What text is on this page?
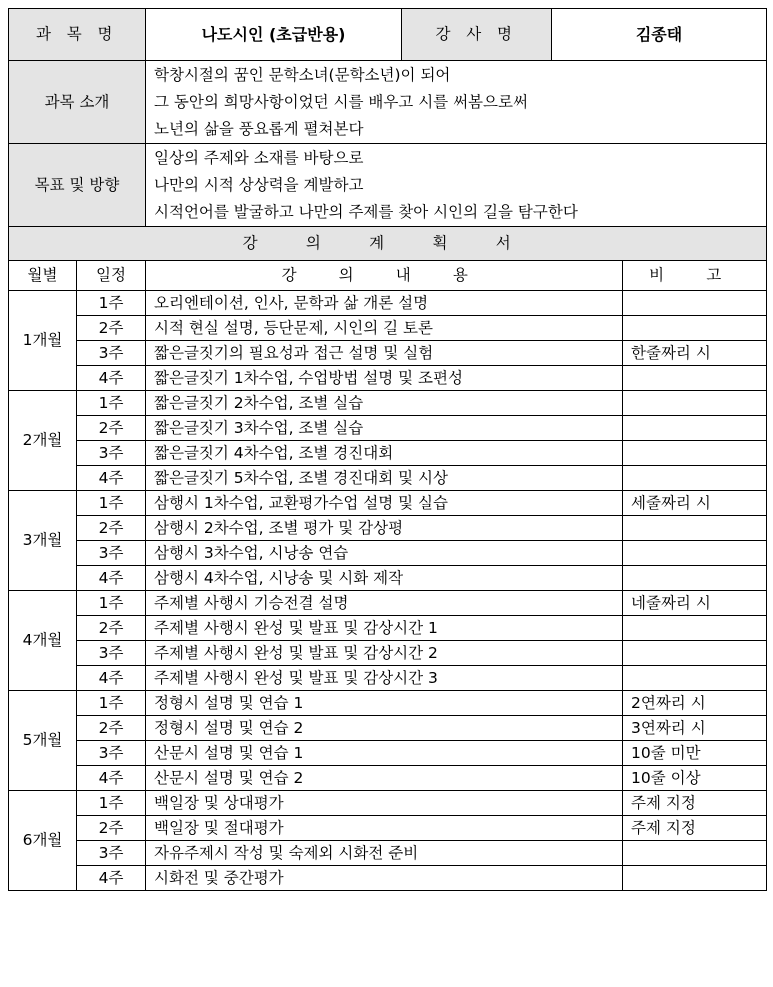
과 목 명		나도시인 (초급반용)	강 사 명	김종태	
과목 소개		학창시절의 꿈인 문학소녀(문학소년)이 되어
그 동안의 희망사항이었던 시를 배우고 시를 써봄으로써
노년의 삶을 풍요롭게 펼쳐본다			

목표 및 방향		일상의 주제와 소재를 바탕으로
나만의 시적 상상력을 계발하고
시적언어를 발굴하고 나만의 주제를 찾아 시인의 길을 탐구한다			

강 의 계 획 서					
월별	일정	강 의 내 용			비 고
1개월	1주	오리엔테이션, 인사, 문학과 삶 개론 설명			
	2주	시적 현실 설명, 등단문제, 시인의 길 토론			
	3주	짧은글짓기의 필요성과 접근 설명 및 실험			한줄짜리 시
	4주	짧은글짓기 1차수업, 수업방법 설명 및 조편성			
2개월	1주	짧은글짓기 2차수업, 조별 실습			
	2주	짧은글짓기 3차수업, 조별 실습			
	3주	짧은글짓기 4차수업, 조별 경진대회			
	4주	짧은글짓기 5차수업, 조별 경진대회 및 시상			
3개월	1주	삼행시 1차수업, 교환평가수업 설명 및 실습			세줄짜리 시
	2주	삼행시 2차수업, 조별 평가 및 감상평			
	3주	삼행시 3차수업, 시낭송 연습			
	4주	삼행시 4차수업, 시낭송 및 시화 제작			
4개월	1주	주제별 사행시 기승전결 설명			네줄짜리 시
	2주	주제별 사행시 완성 및 발표 및 감상시간 1			
	3주	주제별 사행시 완성 및 발표 및 감상시간 2			
	4주	주제별 사행시 완성 및 발표 및 감상시간 3			
5개월	1주	정형시 설명 및 연습 1			2연짜리 시
	2주	정형시 설명 및 연습 2			3연짜리 시
	3주	산문시 설명 및 연습 1			10줄 미만
	4주	산문시 설명 및 연습 2			10줄 이상
6개월	1주	백일장 및 상대평가			주제 지정
	2주	백일장 및 절대평가			주제 지정
	3주	자유주제시 작성 및 숙제외 시화전 준비			
	4주	시화전 및 중간평가			
